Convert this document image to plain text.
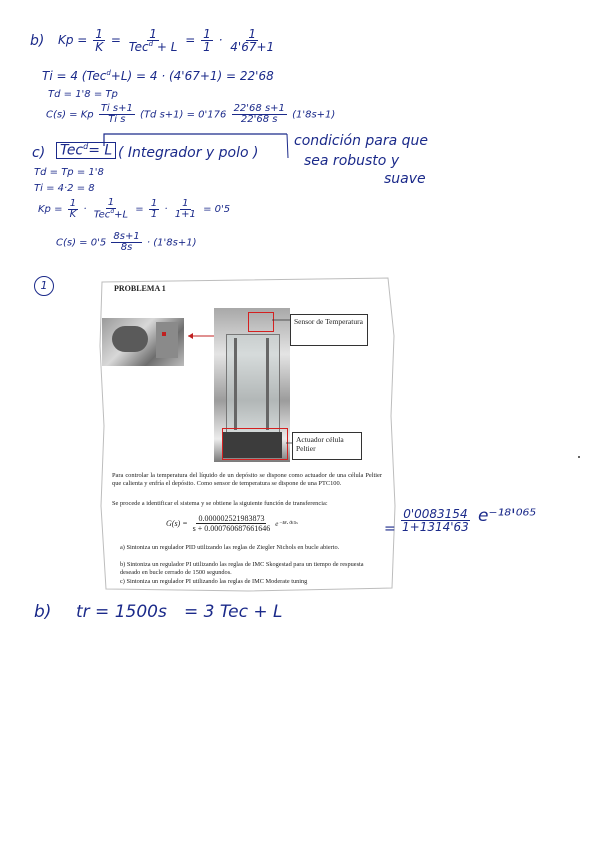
b) $Kp = \frac{1}{K} = \frac{1}{Tec^d + L} = \frac{1}{1} \cdot \frac{1}{4'67+1}$
Ti = 4 (Tec$^d$+L) = 4 · (4'67+1) = 22'68
Td = 1'8 = Tp
C(s) = Kp $\frac{\text{Ti s+1}}{\text{Ti s}} (Td$ $s+1) = 0'176 \frac{22'68 s+1}{22'68 s} (1'8s+1)$
c) Tec$^d$= L ( Integrador y polo )
condición para que
sea robusto y
suave
Td = Tp = 1'8
Ti = 4·2 = 8
$Kp = \frac{1}{K} \cdot \frac{1}{Tec^d+L} = \frac{1}{1} \cdot \frac{1}{1+1} = 0'5$
$C(s) = 0'5 \frac{8s+1}{8s} \cdot (1'8s+1)$
1	PROBLEMA 1
Sensor de Temperatura
Actuador célula Peltier
Para controlar la temperatura del líquido de un depósito se dispone como actuador de una célula Peltier que calienta y enfría el depósito. Como sensor de temperatura se dispone de una PTC100.
Se procede a identificar el sistema y se obtiene la siguiente función de transferencia:
$G(s) = \frac{0.000002521983873}{s + 0.000760687661646}$ e⁻¹⁸·⁰⁶⁵ˢ
a) Sintoniza un regulador PID utilizando las reglas de Ziegler Nichols en bucle abierto.
b) Sintoniza un regulador PI utilizando las reglas de IMC Skogestad para un tiempo de respuesta deseado en bucle cerrado de 1500 segundos.
c) Sintoniza un regulador PI utilizando las reglas de IMC Moderate tuning
= $\frac{0'0083154}{1+1314'63} e^{-18}'^{065}$
b) tr = 1500s = 3 Tec + L
